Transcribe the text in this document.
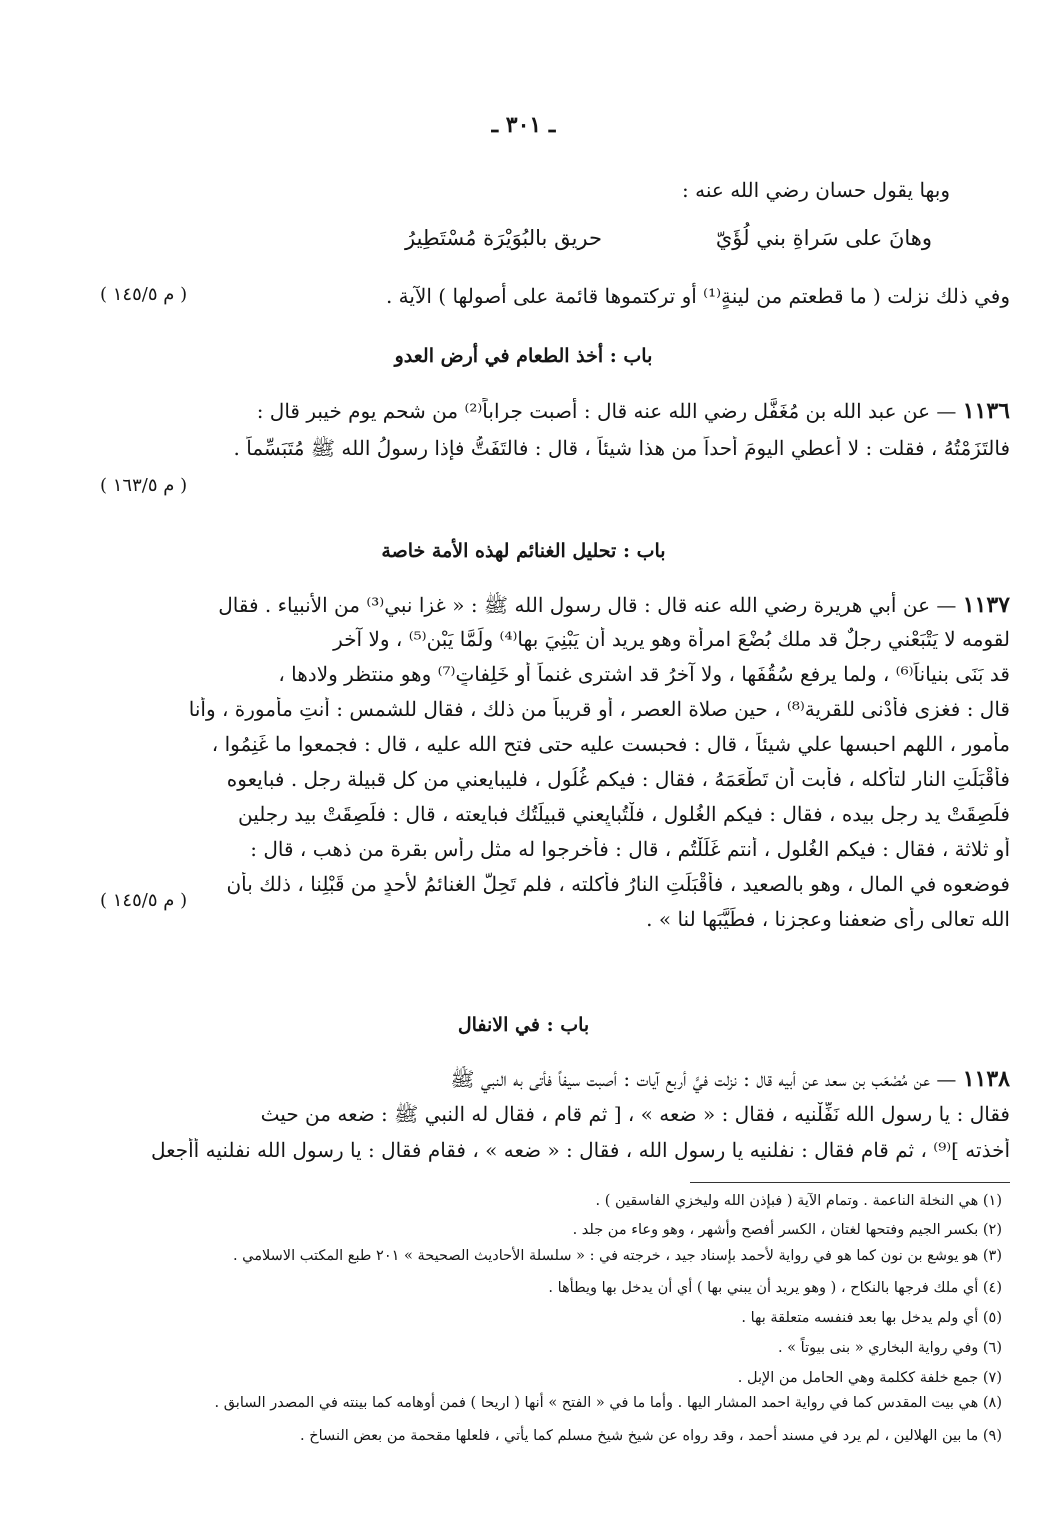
ـ ٣٠١ ـ
وبها يقول حسان رضي الله عنه :
وهانَ على سَراةِ بني لُؤَيّ
حريق بالبُوَيْرَة مُسْتَطِيرُ
وفي ذلك نزلت ( ما قطعتم من لينةٍ⁽¹⁾ أو تركتموها قائمة على أصولها ) الآية .
( م ١٤٥/٥ )
باب : أخذ الطعام في أرض العدو
١١٣٦ — عن عبد الله بن مُغَفَّل رضي الله عنه قال : أصبت جراباً⁽²⁾ من شحم يوم خيبر قال :
فالتَزَمْتُهُ ، فقلت : لا أعطي اليومَ أحداً من هذا شيئاً ، قال : فالتَفَتُّ فإذا رسولُ الله ﷺ مُتَبَسِّماً .
( م ١٦٣/٥ )
باب : تحليل الغنائم لهذه الأمة خاصة
١١٣٧ — عن أبي هريرة رضي الله عنه قال : قال رسول الله ﷺ : « غزا نبي⁽³⁾ من الأنبياء . فقال
لقومه لا يَتْبَعْني رجلٌ قد ملك بُضْعَ امرأة وهو يريد أن يَبْنِيَ بها⁽⁴⁾ ولَمَّا يَبْنِ⁽⁵⁾ ، ولا آخر
قد بَنَى بنياناً⁽⁶⁾ ، ولما يرفع سُقُفَها ، ولا آخرُ قد اشترى غنماً أو خَلِفاتٍ⁽⁷⁾ وهو منتظر ولادها ،
قال : فغزى فأدْنى للقرية⁽⁸⁾ ، حين صلاة العصر ، أو قريباً من ذلك ، فقال للشمس : أنتِ مأمورة ، وأنا
مأمور ، اللهم احبسها علي شيئاً ، قال : فحبست عليه حتى فتح الله عليه ، قال : فجمعوا ما غَنِمُوا ،
فأقْبَلَتِ النار لتأكله ، فأبت أن تَطْعَمَهُ ، فقال : فيكم غُلُول ، فليبايعني من كل قبيلة رجل . فبايعوه
فلَصِقَتْ يد رجل بيده ، فقال : فيكم الغُلول ، فلْتُبايِعني قبيلَتُك فبايعته ، قال : فلَصِقَتْ بيد رجلين
أو ثلاثة ، فقال : فيكم الغُلول ، أنتم غَلَلْتُم ، قال : فأخرجوا له مثل رأس بقرة من ذهب ، قال :
فوضعوه في المال ، وهو بالصعيد ، فأقْبَلَتِ النارُ فأكلته ، فلم تَحِلَّ الغنائمُ لأحدٍ من قَبْلِنا ، ذلك بأن
الله تعالى رأى ضعفنا وعجزنا ، فطَيَّبَها لنا » .
( م ١٤٥/٥ )
باب : في الانفال
١١٣٨ — عن مُصْعَب بن سعد عن أبيه قال : نزلت فيَّ أربع آيات : أصبت سيفاً فأتى به النبي ﷺ
فقال : يا رسول الله نَفِّلْنيه ، فقال : « ضعه » ، [ ثم قام ، فقال له النبي ﷺ : ضعه من حيث
أخذته ]⁽⁹⁾ ، ثم قام فقال : نفلنيه يا رسول الله ، فقال : « ضعه » ، فقام فقال : يا رسول الله نفلنيه أأجعل
(١) هي النخلة الناعمة . وتمام الآية ( فبإذن الله وليخزي الفاسقين ) .
(٢) بكسر الجيم وفتحها لغتان ، الكسر أفصح وأشهر ، وهو وعاء من جلد .
(٣) هو يوشع بن نون كما هو في رواية لأحمد بإسناد جيد ، خرجته في : « سلسلة الأحاديث الصحيحة » ٢٠١ طبع المكتب الاسلامي .
(٤) أي ملك فرجها بالنكاح ، ( وهو يريد أن يبني بها ) أي أن يدخل بها ويطأها .
(٥) أي ولم يدخل بها بعد فنفسه متعلقة بها .
(٦) وفي رواية البخاري « بنى بيوتاً » .
(٧) جمع خلفة ككلمة وهي الحامل من الإبل .
(٨) هي بيت المقدس كما في رواية احمد المشار اليها . وأما ما في « الفتح » أنها ( اريحا ) فمن أوهامه كما بينته في المصدر السابق .
(٩) ما بين الهلالين ، لم يرد في مسند أحمد ، وقد رواه عن شيخ شيخ مسلم كما يأتي ، فلعلها مقحمة من بعض النساخ .
